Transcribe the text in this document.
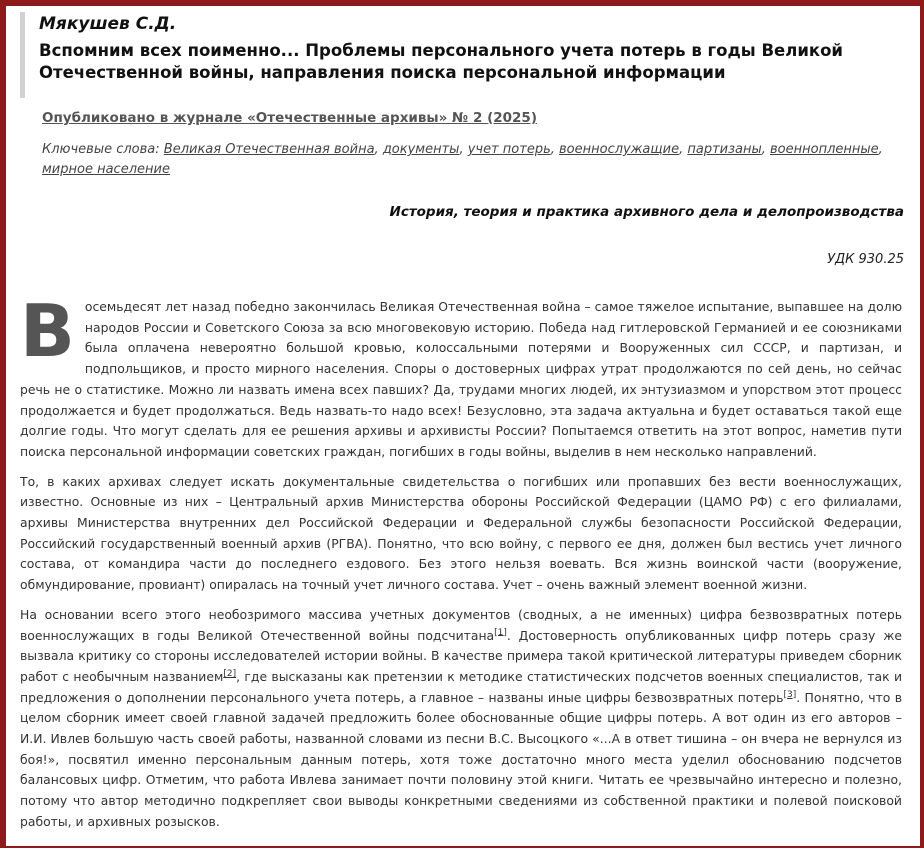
Мякушев С.Д.
Вспомним всех поименно... Проблемы персонального учета потерь в годы Великой Отечественной войны, направления поиска персональной информации
Опубликовано в журнале «Отечественные архивы» № 2 (2025)
Ключевые слова: Великая Отечественная война, документы, учет потерь, военнослужащие, партизаны, военнопленные, мирное население
История, теория и практика архивного дела и делопроизводства
УДК 930.25

Восемьдесят лет назад победно закончилась Великая Отечественная война – самое тяжелое испытание, выпавшее на долю народов России и Советского Союза за всю многовековую историю. Победа над гитлеровской Германией и ее союзниками была оплачена невероятно большой кровью, колоссальными потерями и Вооруженных сил СССР, и партизан, и подпольщиков, и просто мирного населения. Споры о достоверных цифрах утрат продолжаются по сей день, но сейчас речь не о статистике. Можно ли назвать имена всех павших? Да, трудами многих людей, их энтузиазмом и упорством этот процесс продолжается и будет продолжаться. Ведь назвать-то надо всех! Безусловно, эта задача актуальна и будет оставаться такой еще долгие годы. Что могут сделать для ее решения архивы и архивисты России? Попытаемся ответить на этот вопрос, наметив пути поиска персональной информации советских граждан, погибших в годы войны, выделив в нем несколько направлений.

То, в каких архивах следует искать документальные свидетельства о погибших или пропавших без вести военнослужащих, известно. Основные из них – Центральный архив Министерства обороны Российской Федерации (ЦАМО РФ) с его филиалами, архивы Министерства внутренних дел Российской Федерации и Федеральной службы безопасности Российской Федерации, Российский государственный военный архив (РГВА). Понятно, что всю войну, с первого ее дня, должен был вестись учет личного состава, от командира части до последнего ездового. Без этого нельзя воевать. Вся жизнь воинской части (вооружение, обмундирование, провиант) опиралась на точный учет личного состава. Учет – очень важный элемент военной жизни.

На основании всего этого необозримого массива учетных документов (сводных, а не именных) цифра безвозвратных потерь военнослужащих в годы Великой Отечественной войны подсчитана[1]. Достоверность опубликованных цифр потерь сразу же вызвала критику со стороны исследователей истории войны. В качестве примера такой критической литературы приведем сборник работ с необычным названием[2], где высказаны как претензии к методике статистических подсчетов военных специалистов, так и предложения о дополнении персонального учета потерь, а главное – названы иные цифры безвозвратных потерь[3]. Понятно, что в целом сборник имеет своей главной задачей предложить более обоснованные общие цифры потерь. А вот один из его авторов – И.И. Ивлев большую часть своей работы, названной словами из песни В.С. Высоцкого «...А в ответ тишина – он вчера не вернулся из боя!», посвятил именно персональным данным потерь, хотя тоже достаточно много места уделил обоснованию подсчетов балансовых цифр. Отметим, что работа Ивлева занимает почти половину этой книги. Читать ее чрезвычайно интересно и полезно, потому что автор методично подкрепляет свои выводы конкретными сведениями из собственной практики и полевой поисковой работы, и архивных розысков.
